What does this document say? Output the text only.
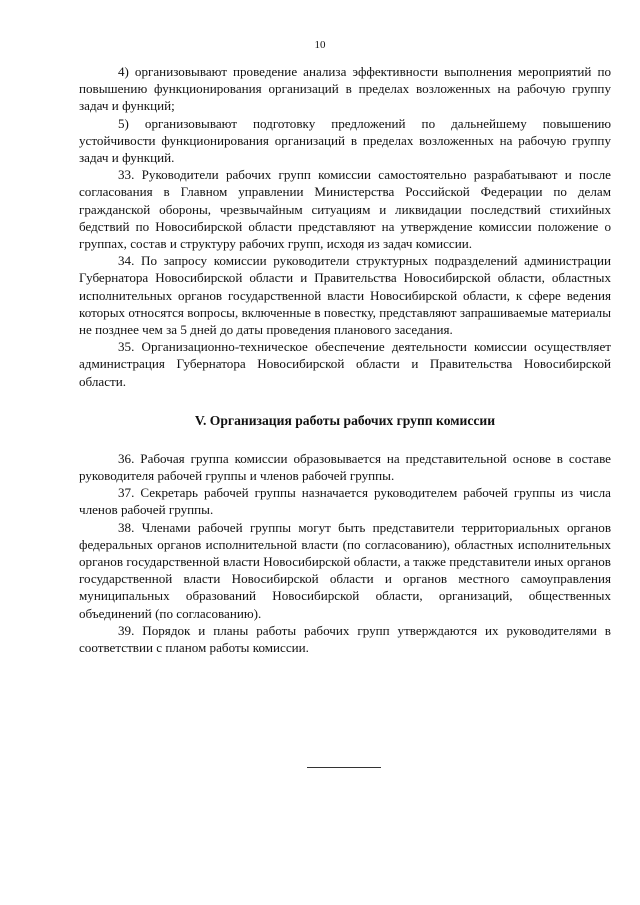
10

4) организовывают проведение анализа эффективности выполнения мероприятий по повышению функционирования организаций в пределах возложенных на рабочую группу задач и функций;

5) организовывают подготовку предложений по дальнейшему повышению устойчивости функционирования организаций в пределах возложенных на рабочую группу задач и функций.

33. Руководители рабочих групп комиссии самостоятельно разрабатывают и после согласования в Главном управлении Министерства Российской Федерации по делам гражданской обороны, чрезвычайным ситуациям и ликвидации последствий стихийных бедствий по Новосибирской области представляют на утверждение комиссии положение о группах, состав и структуру рабочих групп, исходя из задач комиссии.

34. По запросу комиссии руководители структурных подразделений администрации Губернатора Новосибирской области и Правительства Новосибирской области, областных исполнительных органов государственной власти Новосибирской области, к сфере ведения которых относятся вопросы, включенные в повестку, представляют запрашиваемые материалы не позднее чем за 5 дней до даты проведения планового заседания.

35. Организационно-техническое обеспечение деятельности комиссии осуществляет администрация Губернатора Новосибирской области и Правительства Новосибирской области.

V. Организация работы рабочих групп комиссии

36. Рабочая группа комиссии образовывается на представительной основе в составе руководителя рабочей группы и членов рабочей группы.

37. Секретарь рабочей группы назначается руководителем рабочей группы из числа членов рабочей группы.

38. Членами рабочей группы могут быть представители территориальных органов федеральных органов исполнительной власти (по согласованию), областных исполнительных органов государственной власти Новосибирской области, а также представители иных органов государственной власти Новосибирской области и органов местного самоуправления муниципальных образований Новосибирской области, организаций, общественных объединений (по согласованию).

39. Порядок и планы работы рабочих групп утверждаются их руководителями в соответствии с планом работы комиссии.
